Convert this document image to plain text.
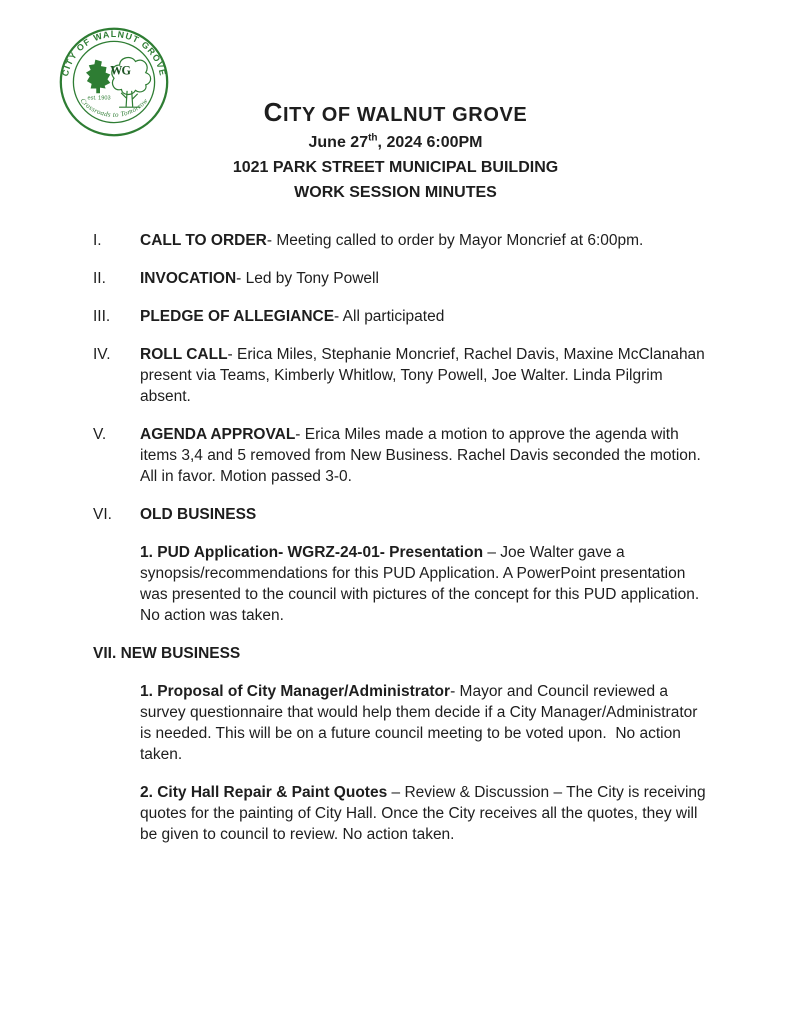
CITY OF WALNUT GROVE
Crossroads to Tomorrow
WG
est. 1903	CITY OF WALNUT GROVE
June 27th, 2024 6:00PM
1021 PARK STREET MUNICIPAL BUILDING
WORK SESSION MINUTES
I.	CALL TO ORDER- Meeting called to order by Mayor Moncrief at 6:00pm.

II.	INVOCATION- Led by Tony Powell

III.	PLEDGE OF ALLEGIANCE- All participated

IV.	ROLL CALL- Erica Miles, Stephanie Moncrief, Rachel Davis, Maxine McClanahan present via Teams, Kimberly Whitlow, Tony Powell, Joe Walter. Linda Pilgrim absent.

V.	AGENDA APPROVAL- Erica Miles made a motion to approve the agenda with items 3,4 and 5 removed from New Business. Rachel Davis seconded the motion. All in favor. Motion passed 3-0.

VI.	OLD BUSINESS

1. PUD Application- WGRZ-24-01- Presentation – Joe Walter gave a synopsis/recommendations for this PUD Application. A PowerPoint presentation was presented to the council with pictures of the concept for this PUD application. No action was taken.

VII. NEW BUSINESS

1. Proposal of City Manager/Administrator- Mayor and Council reviewed a survey questionnaire that would help them decide if a City Manager/Administrator is needed. This will be on a future council meeting to be voted upon.  No action taken.

2. City Hall Repair & Paint Quotes – Review & Discussion – The City is receiving quotes for the painting of City Hall. Once the City receives all the quotes, they will be given to council to review. No action taken.
